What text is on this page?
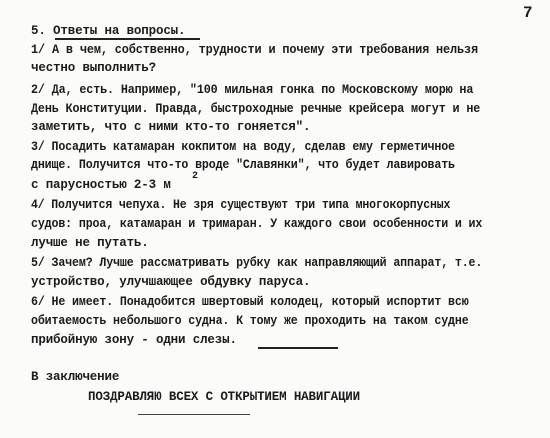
7
5. Ответы на вопросы.
1/ А в чем, собственно, трудности и почему эти требования нельзя
честно выполнить?
2/ Да, есть. Например, "100 мильная гонка по Московскому морю на
День Конституции. Правда, быстроходные речные крейсера могут и не
заметить, что с ними кто-то гоняется".
3/ Посадить катамаран кокпитом на воду, сделав ему герметичное
днище. Получится что-то вроде "Славянки", что будет лавировать
с парусностью 2-3 м
2
4/ Получится чепуха. Не зря существуют три типа многокорпусных
судов: проа, катамаран и тримаран. У каждого свои особенности и их
лучше не путать.
5/ Зачем? Лучше рассматривать рубку как направляющий аппарат, т.е.
устройство, улучшающее обдувку паруса.
6/ Не имеет. Понадобится швертовый колодец, который испортит всю
обитаемость небольшого судна. К тому же проходить на таком судне
прибойную зону - одни слезы.
В заключение
ПОЗДРАВЛЯЮ ВСЕХ С ОТКРЫТИЕМ НАВИГАЦИИ
